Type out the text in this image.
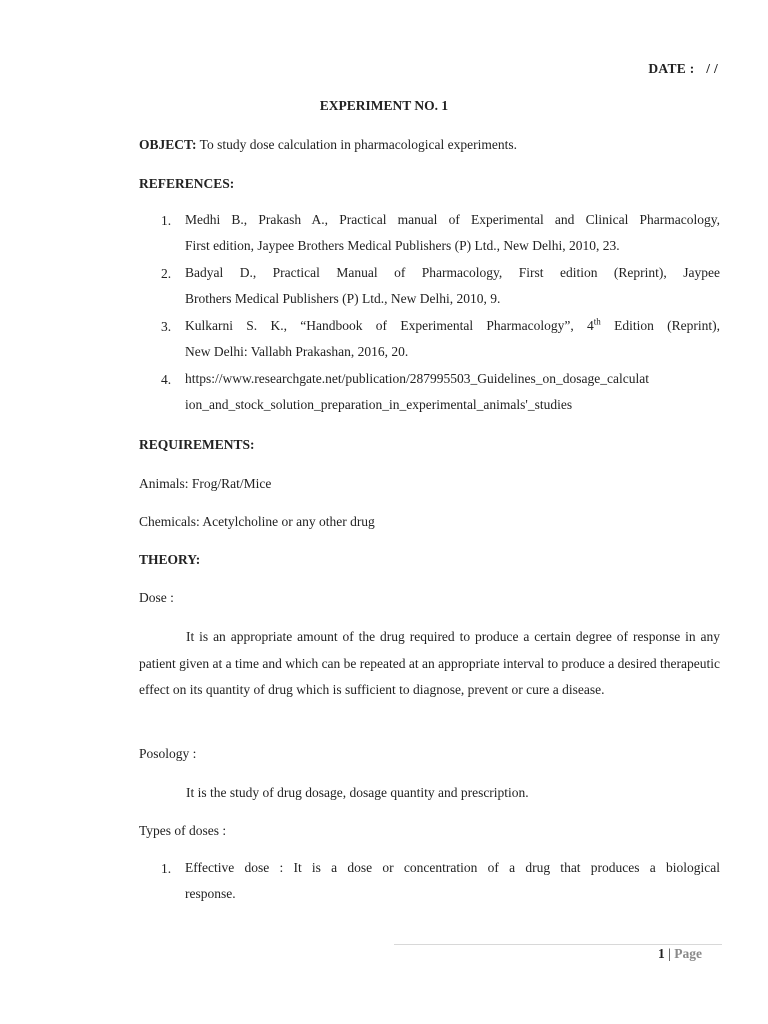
DATE : / /
EXPERIMENT NO. 1
OBJECT: To study dose calculation in pharmacological experiments.
REFERENCES:
1. Medhi B., Prakash A., Practical manual of Experimental and Clinical Pharmacology,
First edition, Jaypee Brothers Medical Publishers (P) Ltd., New Delhi, 2010, 23.
2. Badyal D., Practical Manual of Pharmacology, First edition (Reprint), Jaypee
Brothers Medical Publishers (P) Ltd., New Delhi, 2010, 9.
3. Kulkarni S. K., “Handbook of Experimental Pharmacology”, 4th Edition (Reprint),
New Delhi: Vallabh Prakashan, 2016, 20.
4. https://www.researchgate.net/publication/287995503_Guidelines_on_dosage_calculat
ion_and_stock_solution_preparation_in_experimental_animals'_studies
REQUIREMENTS:
Animals: Frog/Rat/Mice
Chemicals: Acetylcholine or any other drug
THEORY:
Dose :
It is an appropriate amount of the drug required to produce a certain degree of response in any patient given at a time and which can be repeated at an appropriate interval to produce a desired therapeutic effect on its quantity of drug which is sufficient to diagnose, prevent or cure a disease.
Posology :
It is the study of drug dosage, dosage quantity and prescription.
Types of doses :
1. Effective dose : It is a dose or concentration of a drug that produces a biological
response.
1 | Page
